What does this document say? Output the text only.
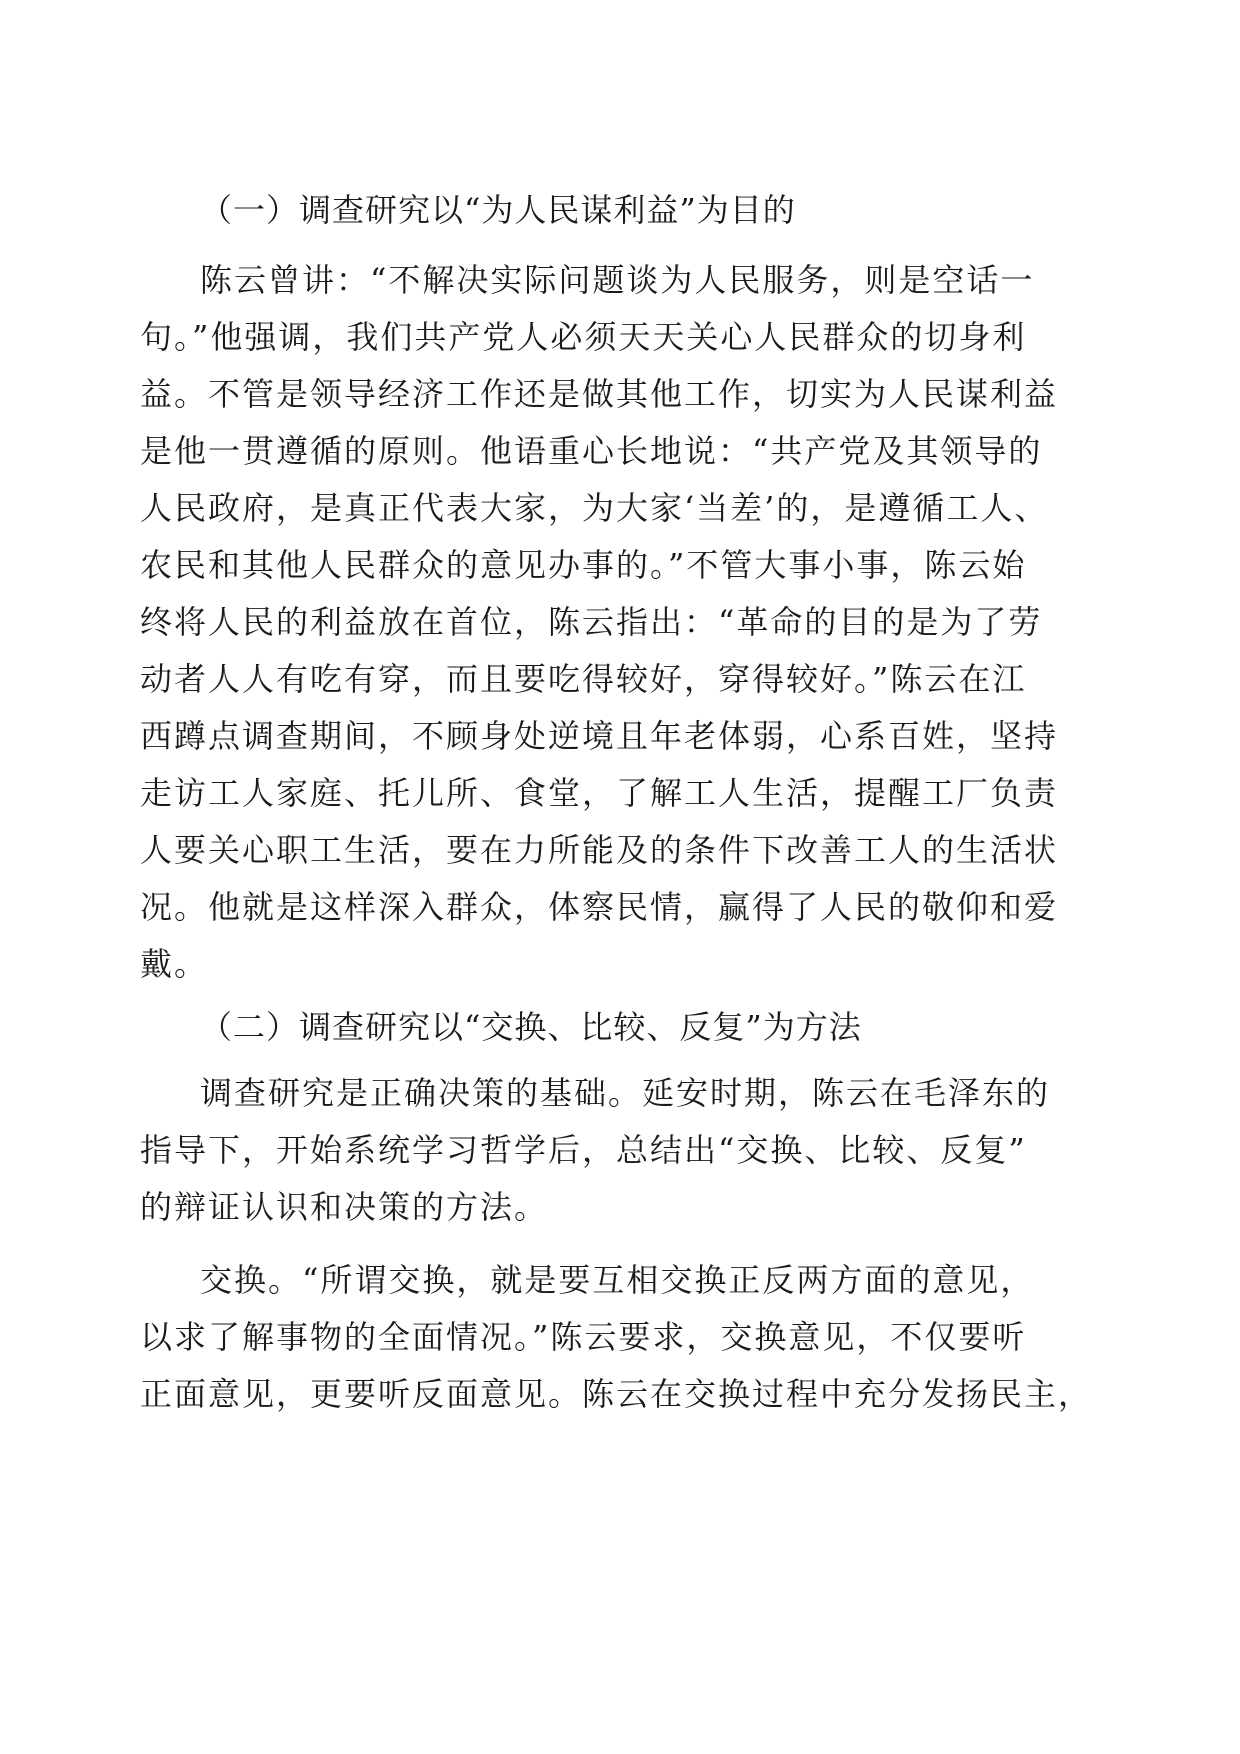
（一）调查研究以“为人民谋利益”为目的
陈云曾讲：“不解决实际问题谈为人民服务，则是空话一
句。”他强调，我们共产党人必须天天关心人民群众的切身利
益。不管是领导经济工作还是做其他工作，切实为人民谋利益
是他一贯遵循的原则。他语重心长地说：“共产党及其领导的
人民政府，是真正代表大家，为大家‘当差’的，是遵循工人、
农民和其他人民群众的意见办事的。”不管大事小事，陈云始
终将人民的利益放在首位，陈云指出：“革命的目的是为了劳
动者人人有吃有穿，而且要吃得较好，穿得较好。”陈云在江
西蹲点调查期间，不顾身处逆境且年老体弱，心系百姓，坚持
走访工人家庭、托儿所、食堂，了解工人生活，提醒工厂负责
人要关心职工生活，要在力所能及的条件下改善工人的生活状
况。他就是这样深入群众，体察民情，赢得了人民的敬仰和爱
戴。
（二）调查研究以“交换、比较、反复”为方法
调查研究是正确决策的基础。延安时期，陈云在毛泽东的
指导下，开始系统学习哲学后，总结出“交换、比较、反复”
的辩证认识和决策的方法。
交换。“所谓交换，就是要互相交换正反两方面的意见，
以求了解事物的全面情况。”陈云要求，交换意见，不仅要听
正面意见，更要听反面意见。陈云在交换过程中充分发扬民主，
